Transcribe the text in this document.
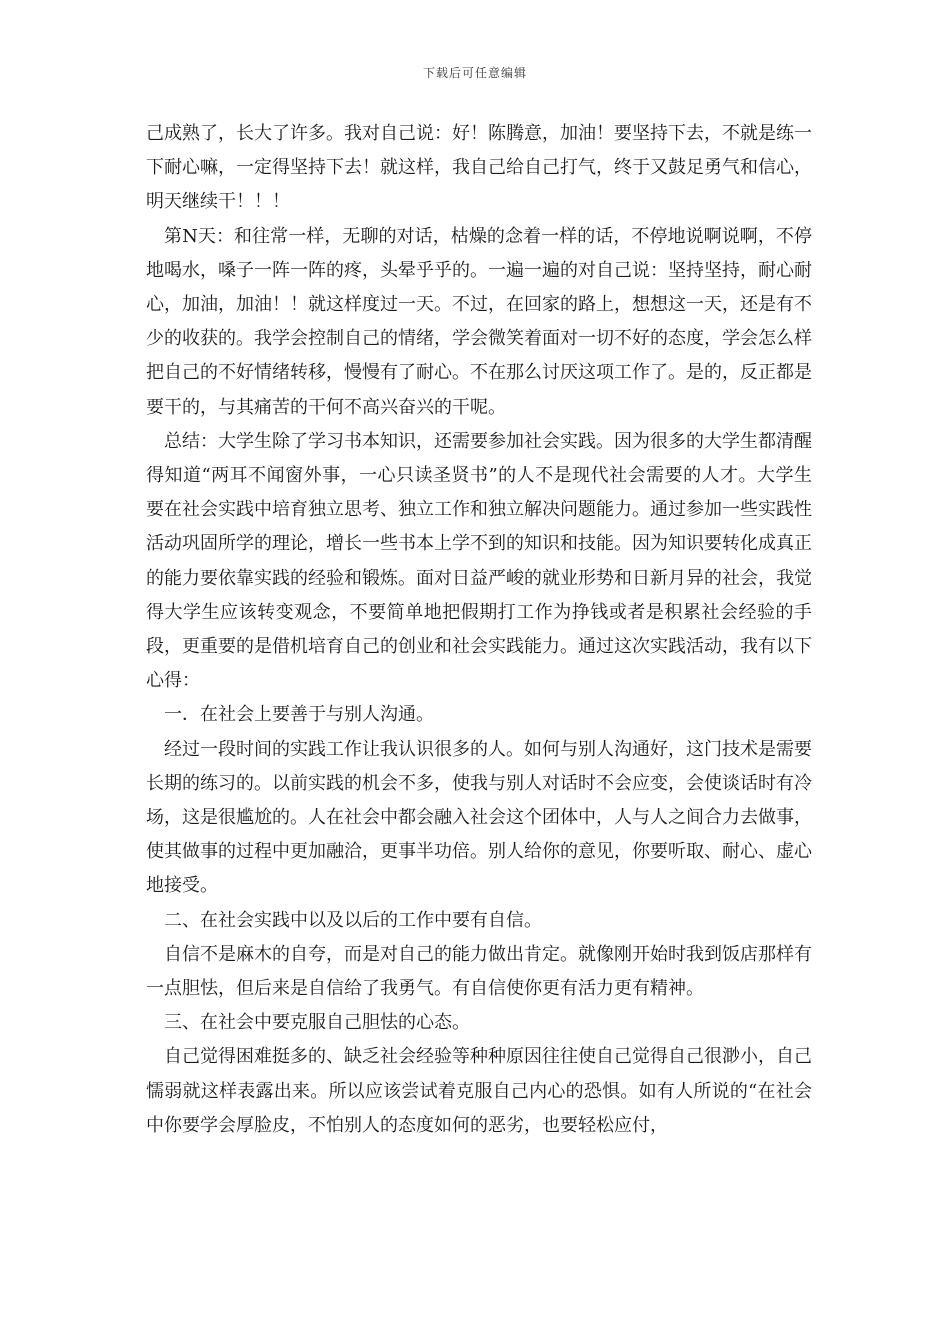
下载后可任意编辑

己成熟了，长大了许多。我对自己说：好！陈腾意，加油！要坚持下去，不就是练一下耐心嘛，一定得坚持下去！就这样，我自己给自己打气，终于又鼓足勇气和信心，明天继续干！！！

第N天：和往常一样，无聊的对话，枯燥的念着一样的话，不停地说啊说啊，不停地喝水，嗓子一阵一阵的疼，头晕乎乎的。一遍一遍的对自己说：坚持坚持，耐心耐心，加油，加油！！就这样度过一天。不过，在回家的路上，想想这一天，还是有不少的收获的。我学会控制自己的情绪，学会微笑着面对一切不好的态度，学会怎么样把自己的不好情绪转移，慢慢有了耐心。不在那么讨厌这项工作了。是的，反正都是要干的，与其痛苦的干何不高兴奋兴的干呢。

总结：大学生除了学习书本知识，还需要参加社会实践。因为很多的大学生都清醒得知道“两耳不闻窗外事，一心只读圣贤书”的人不是现代社会需要的人才。大学生要在社会实践中培育独立思考、独立工作和独立解决问题能力。通过参加一些实践性活动巩固所学的理论，增长一些书本上学不到的知识和技能。因为知识要转化成真正的能力要依靠实践的经验和锻炼。面对日益严峻的就业形势和日新月异的社会，我觉得大学生应该转变观念，不要简单地把假期打工作为挣钱或者是积累社会经验的手段，更重要的是借机培育自己的创业和社会实践能力。通过这次实践活动，我有以下心得：

一．在社会上要善于与别人沟通。

经过一段时间的实践工作让我认识很多的人。如何与别人沟通好，这门技术是需要长期的练习的。以前实践的机会不多，使我与别人对话时不会应变，会使谈话时有冷场，这是很尴尬的。人在社会中都会融入社会这个团体中，人与人之间合力去做事，使其做事的过程中更加融洽，更事半功倍。别人给你的意见，你要听取、耐心、虚心地接受。

二、在社会实践中以及以后的工作中要有自信。

自信不是麻木的自夸，而是对自己的能力做出肯定。就像刚开始时我到饭店那样有一点胆怯，但后来是自信给了我勇气。有自信使你更有活力更有精神。

三、在社会中要克服自己胆怯的心态。

自己觉得困难挺多的、缺乏社会经验等种种原因往往使自己觉得自己很渺小，自己懦弱就这样表露出来。所以应该尝试着克服自己内心的恐惧。如有人所说的“在社会中你要学会厚脸皮，不怕别人的态度如何的恶劣，也要轻松应付，
